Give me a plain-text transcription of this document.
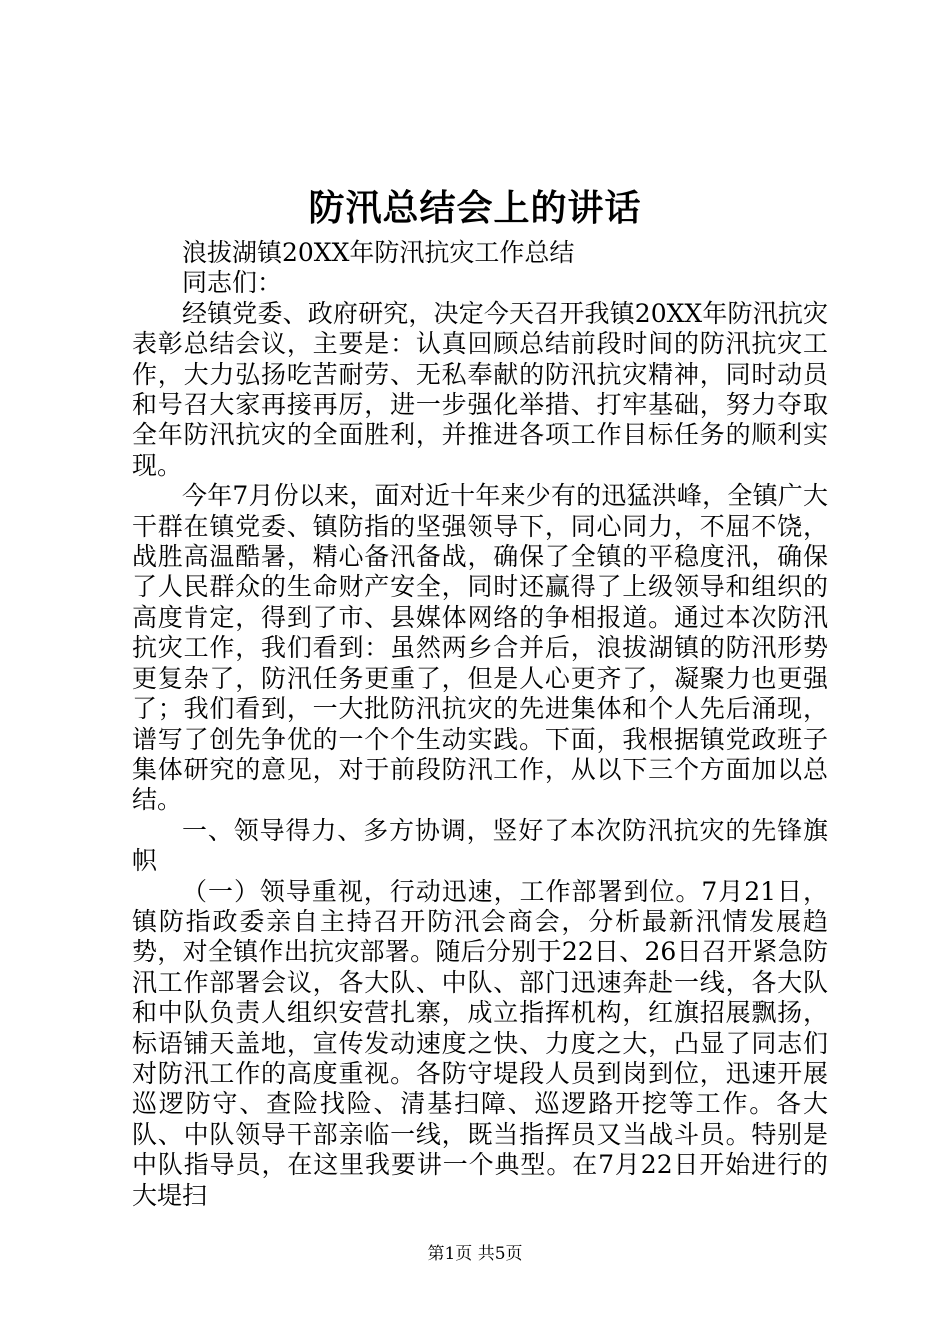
防汛总结会上的讲话

浪拔湖镇20XX年防汛抗灾工作总结

同志们：

经镇党委、政府研究，决定今天召开我镇20XX年防汛抗灾表彰总结会议，主要是：认真回顾总结前段时间的防汛抗灾工作，大力弘扬吃苦耐劳、无私奉献的防汛抗灾精神，同时动员和号召大家再接再厉，进一步强化举措、打牢基础，努力夺取全年防汛抗灾的全面胜利，并推进各项工作目标任务的顺利实现。

今年7月份以来，面对近十年来少有的迅猛洪峰，全镇广大干群在镇党委、镇防指的坚强领导下，同心同力，不屈不饶，战胜高温酷暑，精心备汛备战，确保了全镇的平稳度汛，确保了人民群众的生命财产安全，同时还赢得了上级领导和组织的高度肯定，得到了市、县媒体网络的争相报道。通过本次防汛抗灾工作，我们看到：虽然两乡合并后，浪拔湖镇的防汛形势更复杂了，防汛任务更重了，但是人心更齐了，凝聚力也更强了；我们看到，一大批防汛抗灾的先进集体和个人先后涌现，谱写了创先争优的一个个生动实践。下面，我根据镇党政班子集体研究的意见，对于前段防汛工作，从以下三个方面加以总结。

一、领导得力、多方协调，竖好了本次防汛抗灾的先锋旗帜

（一）领导重视，行动迅速，工作部署到位。7月21日，镇防指政委亲自主持召开防汛会商会，分析最新汛情发展趋势，对全镇作出抗灾部署。随后分别于22日、26日召开紧急防汛工作部署会议，各大队、中队、部门迅速奔赴一线，各大队和中队负责人组织安营扎寨，成立指挥机构，红旗招展飘扬，标语铺天盖地，宣传发动速度之快、力度之大，凸显了同志们对防汛工作的高度重视。各防守堤段人员到岗到位，迅速开展巡逻防守、查险找险、清基扫障、巡逻路开挖等工作。各大队、中队领导干部亲临一线，既当指挥员又当战斗员。特别是中队指导员，在这里我要讲一个典型。在7月22日开始进行的大堤扫

第1页 共5页
